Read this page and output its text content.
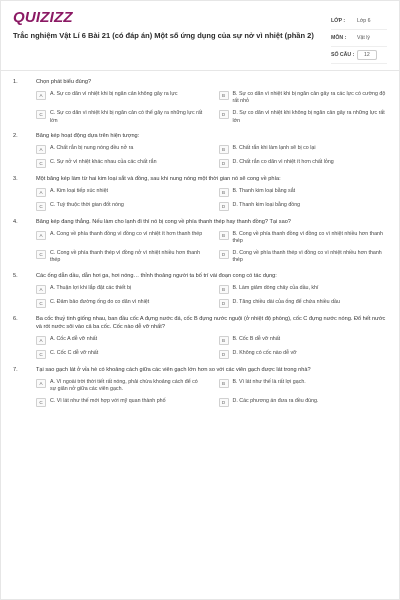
QUIZIZZ
Trắc nghiệm Vật Lí 6 Bài 21 (có đáp án) Một số ứng dụng của sự nở vì nhiệt (phần 2)
LỚP :	Lớp 6
MÔN :	Vật lý
SỐ CÂU :	12
1.	Chọn phát biểu đúng?
A	A. Sự co dãn vì nhiệt khi bị ngăn cản không gây ra lực	B	B. Sự co dãn vì nhiệt khi bị ngăn cản gây ra các lực có cường độ rất nhỏ
C	C. Sự co dãn vì nhiệt khi bị ngăn cản có thể gây ra những lực rất lớn
D	D. Sự co dãn vì nhiệt khi không bị ngăn cản gây ra những lực rất lớn
2.	Băng kép hoạt động dựa trên hiện tượng:
A	A. Chất rắn bị nung nóng đều nở ra	B	B. Chất rắn khi làm lạnh sẽ bị co lại
C	C. Sự nở vì nhiệt khác nhau của các chất rắn	D	D. Chất rắn co dãn vì nhiệt ít hơn chất lỏng
3.	Một băng kép làm từ hai kim loại sắt và đồng, sau khi nung nóng một thời gian nó sẽ cong về phía:
A	A. Kim loại tiếp xúc nhiệt	B	B. Thanh kim loại bằng sắt
C	C. Tuỳ thuộc thời gian đốt nóng	D	D. Thanh kim loại bằng đồng
4.	Băng kép đang thẳng. Nếu làm cho lạnh đi thì nó bị cong về phía thanh thép hay thanh đồng? Tại sao?
A	A. Cong về phía thanh đồng vì đồng co vì nhiệt ít hơn thanh thép	B	B. Cong về phía thanh đồng vì đồng co vì nhiệt nhiều hơn thanh thép
C	C. Cong về phía thanh thép vì đồng nở vì nhiệt nhiều hơn thanh thép
D	D. Cong về phía thanh thép vì đồng co vì nhiệt nhiều hơn thanh thép
5.	Các ống dẫn dầu, dẫn hơi ga, hơi nóng… thỉnh thoảng người ta bố trí vài đoạn cong có tác dụng:
A	A. Thuận lợi khi lắp đặt các thiết bị	B	B. Làm giảm dòng chảy của dầu, khí
C	C. Đảm bảo đường ống do co dãn vì nhiệt	D	D. Tăng chiều dài của ống để chứa nhiều dầu
6.	Ba cốc thuỷ tinh giống nhau, ban đầu cốc A đựng nước đá, cốc B đựng nước nguội (ở nhiệt độ phòng), cốc C đựng nước nóng. Đổ hết nước và rót nước sôi vào cả ba cốc. Cốc nào dễ vỡ nhất?
A	A. Cốc A dễ vỡ nhất	B	B. Cốc B dễ vỡ nhất
C	C. Cốc C dễ vỡ nhất	D	D. Không có cốc nào dễ vỡ
7.	Tại sao gạch lát ở vỉa hè có khoảng cách giữa các viên gạch lớn hơn so với các viên gạch được lát trong nhà?
A	A. Vì ngoài trời thời tiết rất nóng, phải chừa khoảng cách để có sự giãn nở giữa các viên gạch.
B	B. Vì lát như thế là rất lợi gạch.
C	C. Vì lát như thế mới hợp với mỹ quan thành phố	D	D. Các phương án đưa ra đều đúng.
